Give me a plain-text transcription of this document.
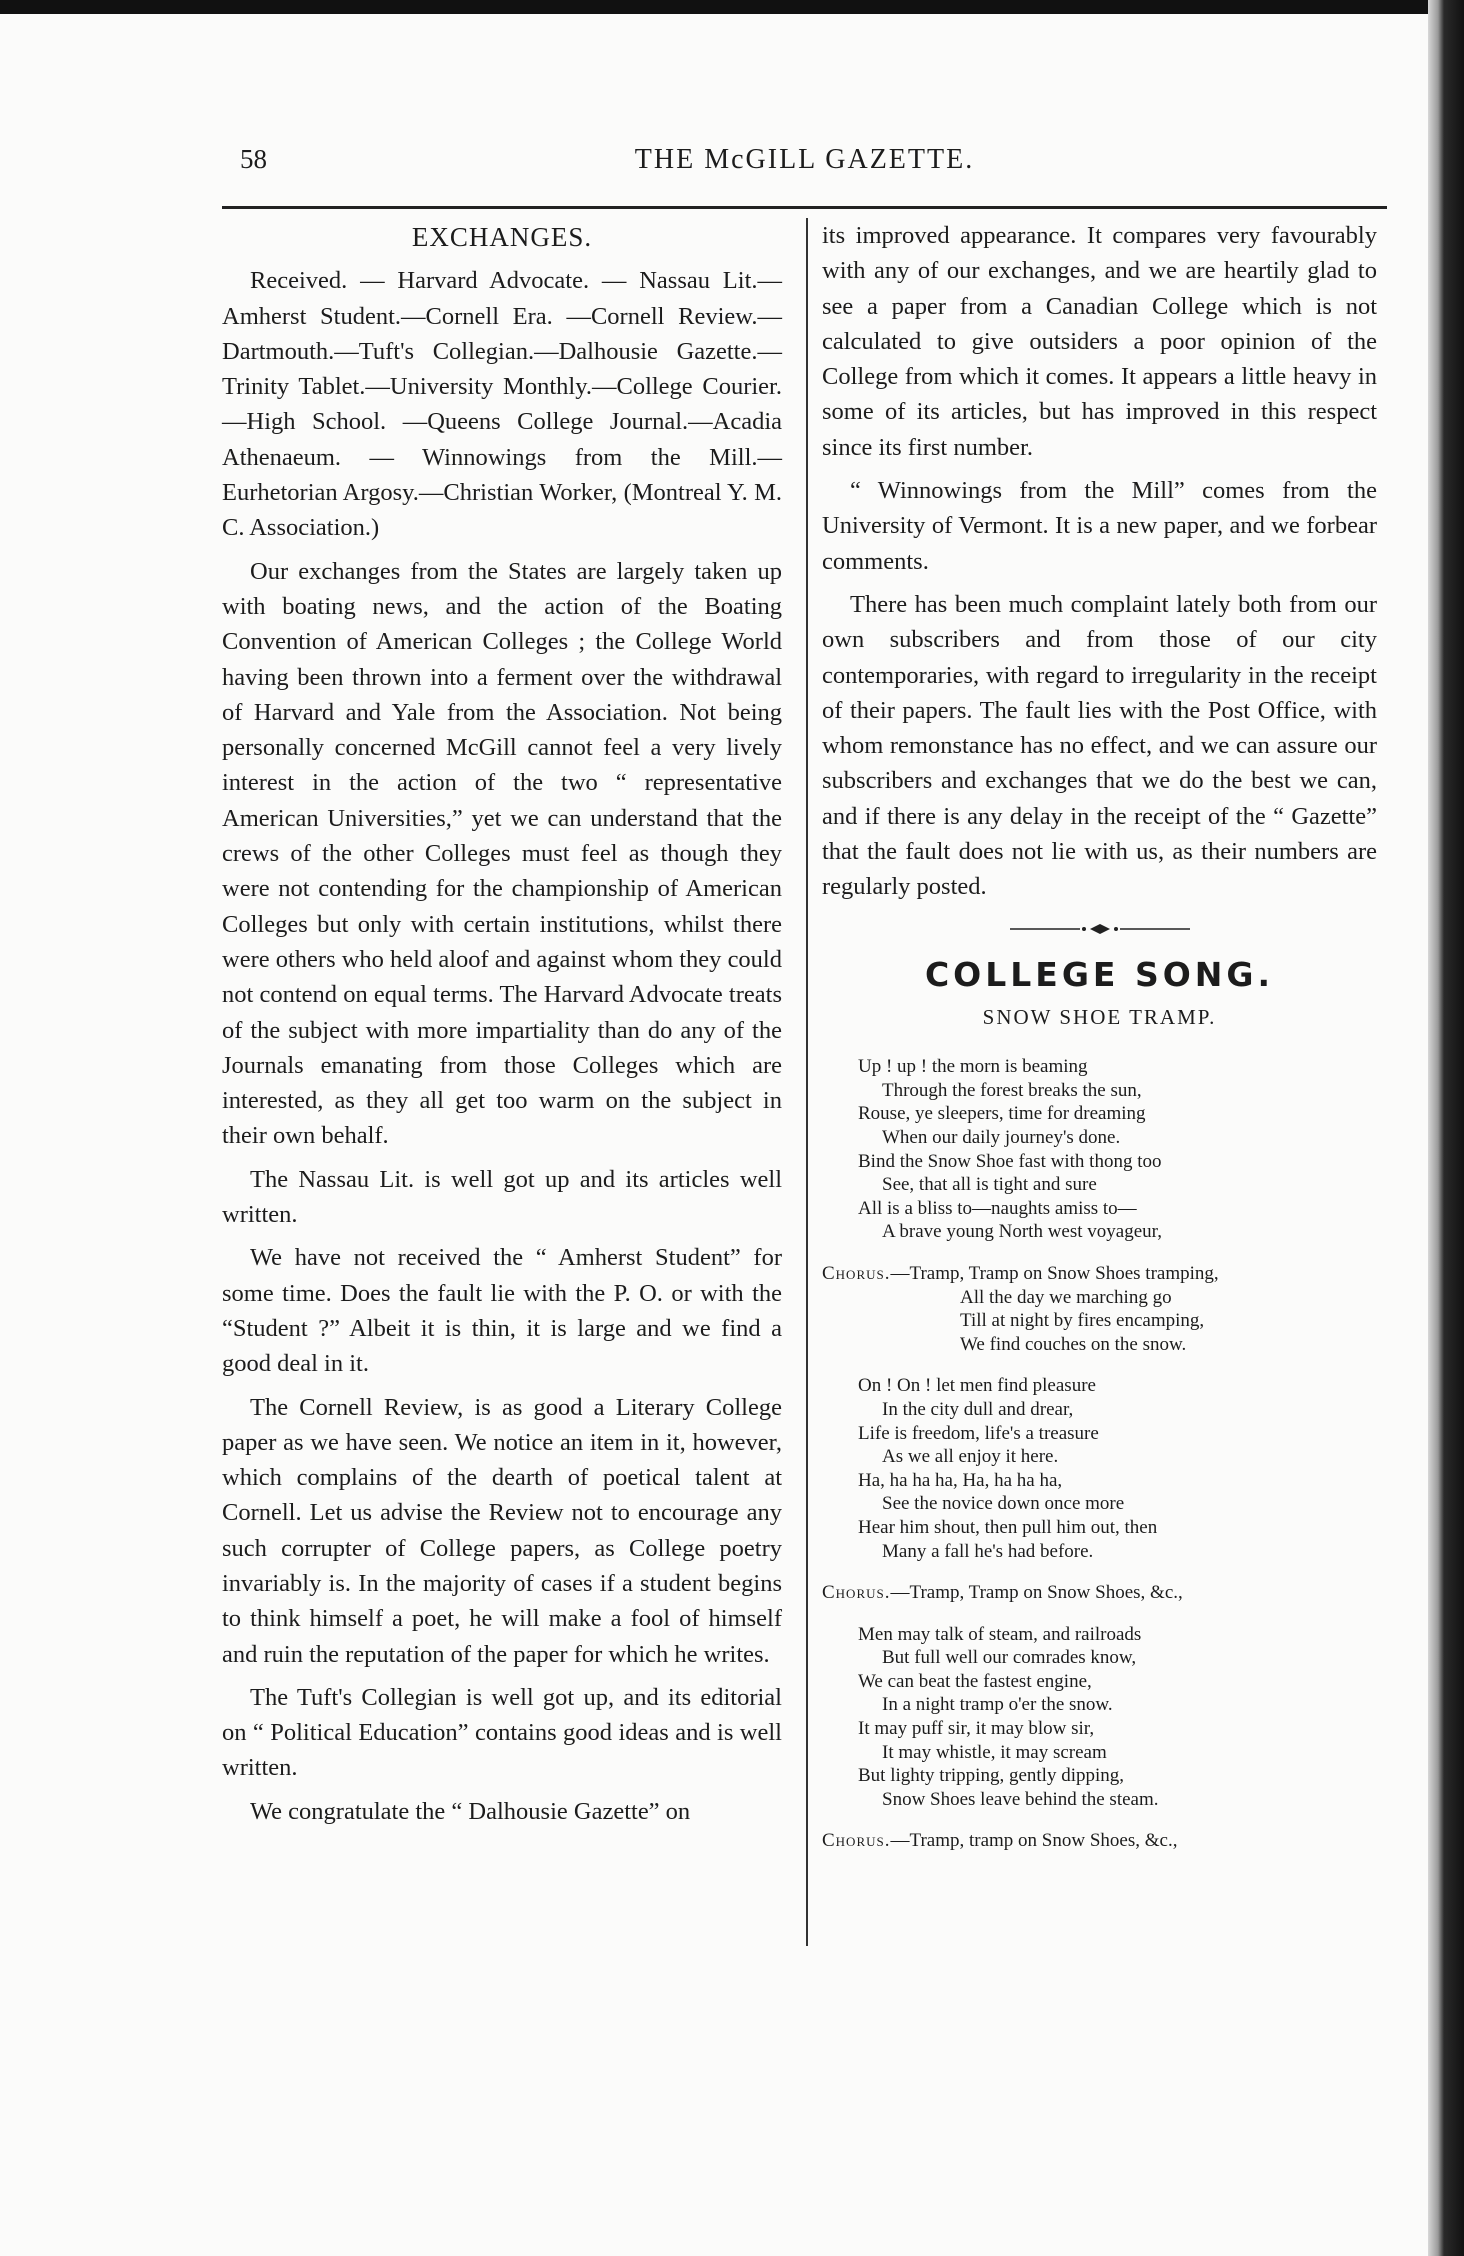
58	THE McGILL GAZETTE.
EXCHANGES.

Received. — Harvard Advocate. — Nassau Lit.—Amherst Student.—Cornell Era. —Cornell Review.—Dartmouth.—Tuft's Collegian.—Dalhousie Gazette.—Trinity Tablet.—University Monthly.—College Courier.—High School. —Queens College Journal.—Acadia Athenaeum. — Winnowings from the Mill.— Eurhetorian Argosy.—Christian Worker, (Montreal Y. M. C. Association.)

Our exchanges from the States are largely taken up with boating news, and the action of the Boating Convention of American Colleges ; the College World having been thrown into a ferment over the withdrawal of Harvard and Yale from the Association. Not being personally concerned McGill cannot feel a very lively interest in the action of the two “ representative American Universities,” yet we can understand that the crews of the other Colleges must feel as though they were not contending for the championship of American Colleges but only with certain institutions, whilst there were others who held aloof and against whom they could not contend on equal terms. The Harvard Advocate treats of the subject with more impartiality than do any of the Journals emanating from those Colleges which are interested, as they all get too warm on the subject in their own behalf.

The Nassau Lit. is well got up and its articles well written.

We have not received the “ Amherst Student” for some time. Does the fault lie with the P. O. or with the “Student ?” Albeit it is thin, it is large and we find a good deal in it.

The Cornell Review, is as good a Literary College paper as we have seen. We notice an item in it, however, which complains of the dearth of poetical talent at Cornell. Let us advise the Review not to encourage any such corrupter of College papers, as College poetry invariably is. In the majority of cases if a student begins to think himself a poet, he will make a fool of himself and ruin the reputation of the paper for which he writes.

The Tuft's Collegian is well got up, and its editorial on “ Political Education” contains good ideas and is well written.

We congratulate the “ Dalhousie Gazette” on

its improved appearance. It compares very favourably with any of our exchanges, and we are heartily glad to see a paper from a Canadian College which is not calculated to give outsiders a poor opinion of the College from which it comes. It appears a little heavy in some of its articles, but has improved in this respect since its first number.

“ Winnowings from the Mill” comes from the University of Vermont. It is a new paper, and we forbear comments.

There has been much complaint lately both from our own subscribers and from those of our city contemporaries, with regard to irregularity in the receipt of their papers. The fault lies with the Post Office, with whom remonstance has no effect, and we can assure our subscribers and exchanges that we do the best we can, and if there is any delay in the receipt of the “ Gazette” that the fault does not lie with us, as their numbers are regularly posted.

COLLEGE SONG.
SNOW SHOE TRAMP.
Up ! up ! the morn is beaming
Through the forest breaks the sun,
Rouse, ye sleepers, time for dreaming
When our daily journey's done.
Bind the Snow Shoe fast with thong too
See, that all is tight and sure
All is a bliss to—naughts amiss to—
A brave young North west voyageur,
Chorus.—Tramp, Tramp on Snow Shoes tramping,
All the day we marching go
Till at night by fires encamping,
We find couches on the snow.
On ! On ! let men find pleasure
In the city dull and drear,
Life is freedom, life's a treasure
As we all enjoy it here.
Ha, ha ha ha, Ha, ha ha ha,
See the novice down once more
Hear him shout, then pull him out, then
Many a fall he's had before.
Chorus.—Tramp, Tramp on Snow Shoes, &c.,
Men may talk of steam, and railroads
But full well our comrades know,
We can beat the fastest engine,
In a night tramp o'er the snow.
It may puff sir, it may blow sir,
It may whistle, it may scream
But lighty tripping, gently dipping,
Snow Shoes leave behind the steam.
Chorus.—Tramp, tramp on Snow Shoes, &c.,
